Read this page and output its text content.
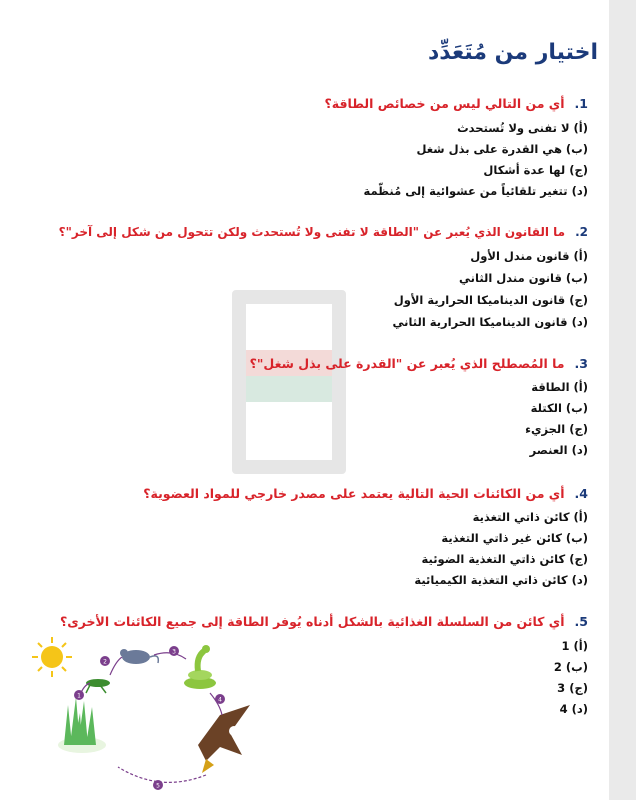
اختيار من مُتَعَدِّد
1.أي من التالي ليس من خصائص الطاقة؟
(أ)لا تفنى ولا تُستحدث
(ب)هي القدرة على بذل شغل
(ج)لها عدة أشكال
(د)تتغير تلقائياً من عشوائية إلى مُنظّمة
2.ما القانون الذي يُعبر عن "الطاقة لا تفنى ولا تُستحدث ولكن تتحول من شكل إلى آخر"؟
(أ)قانون مندل الأول
(ب)قانون مندل الثاني
(ج)قانون الديناميكا الحرارية الأول
(د)قانون الديناميكا الحرارية الثاني
3.ما المُصطلح الذي يُعبر عن "القدرة على بذل شغل"؟
(أ)الطاقة
(ب)الكتلة
(ج)الجزيء
(د)العنصر
4.أي من الكائنات الحية التالية يعتمد على مصدر خارجي للمواد العضوية؟
(أ)كائن ذاتي التغذية
(ب)كائن غير ذاتي التغذية
(ج)كائن ذاتي التغذية الضوئية
(د)كائن ذاتي التغذية الكيميائية
5.أي كائن من السلسلة الغذائية بالشكل أدناه يُوفر الطاقة إلى جميع الكائنات الأخرى؟
(أ)1
(ب)2
(ج)3
(د)4
1
2
3
4
5
